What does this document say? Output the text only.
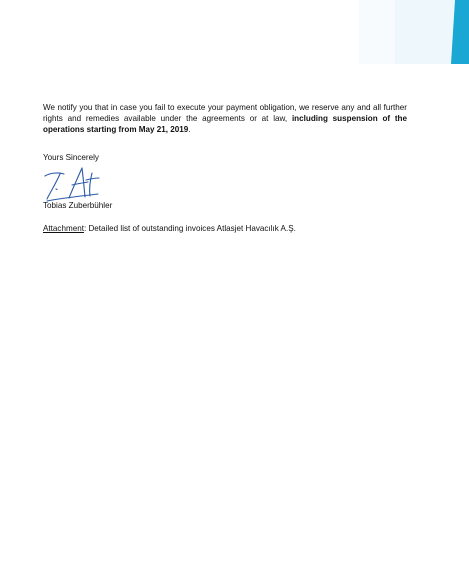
We notify you that in case you fail to execute your payment obligation, we reserve any and all further rights and remedies available under the agreements or at law, including suspension of the operations starting from May 21, 2019.

Yours Sincerely
Tobias Zuberbühler
Attachment: Detailed list of outstanding invoices Atlasjet Havacılık A.Ş.
